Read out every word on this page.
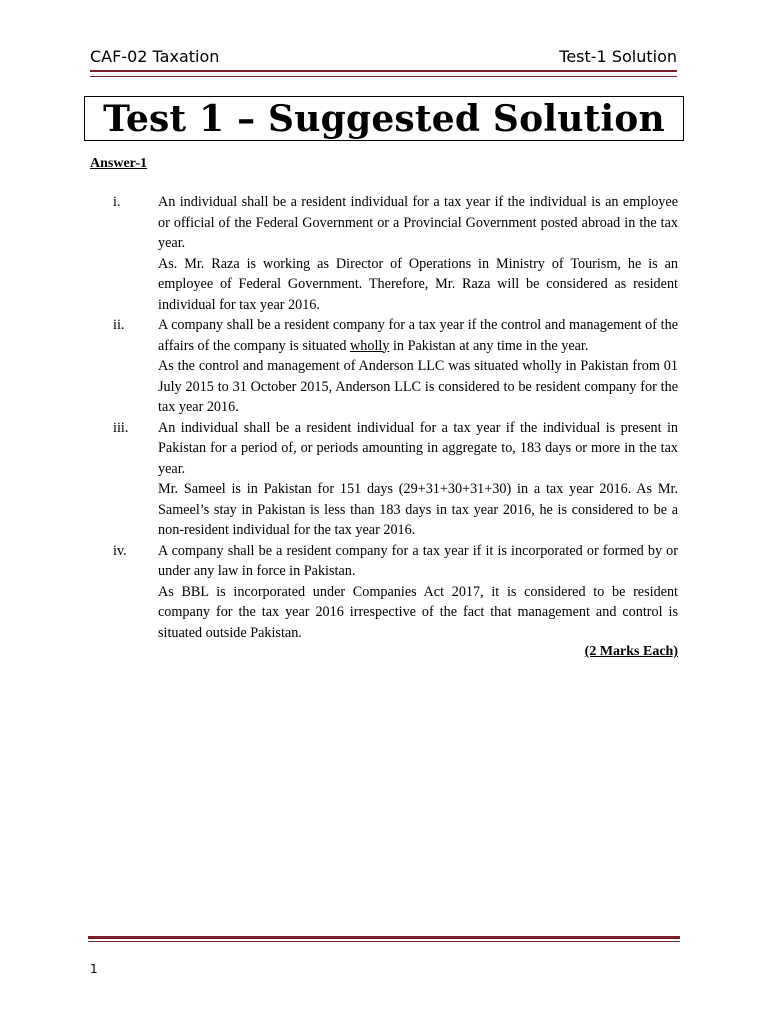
CAF-02 Taxation	Test-1 Solution
Test 1 – Suggested Solution
Answer-1
i.	An individual shall be a resident individual for a tax year if the individual is an employee or official of the Federal Government or a Provincial Government posted abroad in the tax year.

As. Mr. Raza is working as Director of Operations in Ministry of Tourism, he is an employee of Federal Government. Therefore, Mr. Raza will be considered as resident individual for tax year 2016.

ii.	A company shall be a resident company for a tax year if the control and management of the affairs of the company is situated wholly in Pakistan at any time in the year.

As the control and management of Anderson LLC was situated wholly in Pakistan from 01 July 2015 to 31 October 2015, Anderson LLC is considered to be resident company for the tax year 2016.

iii.	An individual shall be a resident individual for a tax year if the individual is present in Pakistan for a period of, or periods amounting in aggregate to, 183 days or more in the tax year.

Mr. Sameel is in Pakistan for 151 days (29+31+30+31+30) in a tax year 2016. As Mr. Sameel’s stay in Pakistan is less than 183 days in tax year 2016, he is considered to be a non-resident individual for the tax year 2016.

iv.	A company shall be a resident company for a tax year if it is incorporated or formed by or under any law in force in Pakistan.

As BBL is incorporated under Companies Act 2017, it is considered to be resident company for the tax year 2016 irrespective of the fact that management and control is situated outside Pakistan.

(2 Marks Each)
1
